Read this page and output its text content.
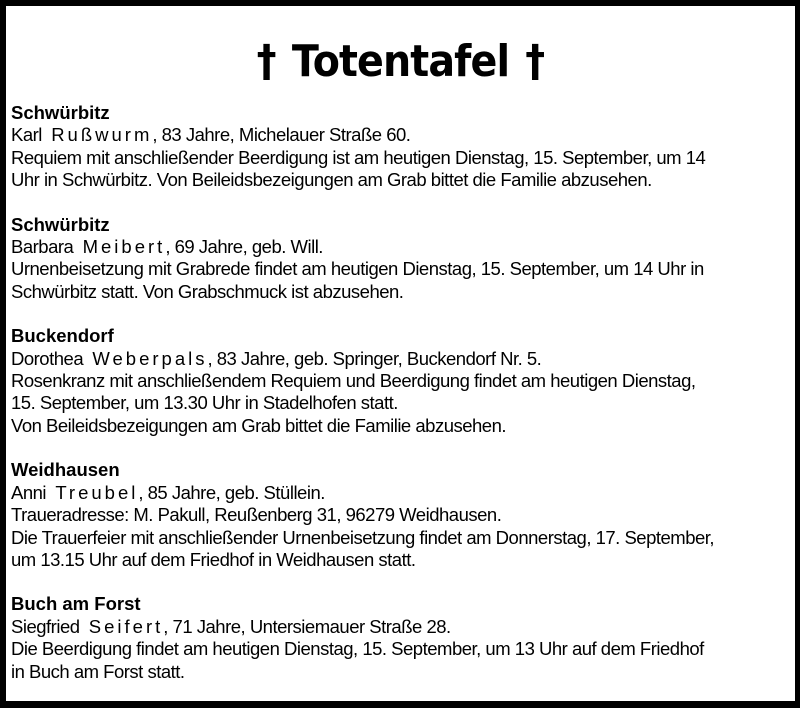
† Totentafel †
Schwürbitz
Karl Rußwurm, 83 Jahre, Michelauer Straße 60.
Requiem mit anschließender Beerdigung ist am heutigen Dienstag, 15. September, um 14
Uhr in Schwürbitz. Von Beileidsbezeigungen am Grab bittet die Familie abzusehen.
Schwürbitz
Barbara Meibert, 69 Jahre, geb. Will.
Urnenbeisetzung mit Grabrede findet am heutigen Dienstag, 15. September, um 14 Uhr in
Schwürbitz statt. Von Grabschmuck ist abzusehen.
Buckendorf
Dorothea Weberpals, 83 Jahre, geb. Springer, Buckendorf Nr. 5.
Rosenkranz mit anschließendem Requiem und Beerdigung findet am heutigen Dienstag,
15. September, um 13.30 Uhr in Stadelhofen statt.
Von Beileidsbezeigungen am Grab bittet die Familie abzusehen.
Weidhausen
Anni Treubel, 85 Jahre, geb. Stüllein.
Traueradresse: M. Pakull, Reußenberg 31, 96279 Weidhausen.
Die Trauerfeier mit anschließender Urnenbeisetzung findet am Donnerstag, 17. September,
um 13.15 Uhr auf dem Friedhof in Weidhausen statt.
Buch am Forst
Siegfried Seifert, 71 Jahre, Untersiemauer Straße 28.
Die Beerdigung findet am heutigen Dienstag, 15. September, um 13 Uhr auf dem Friedhof
in Buch am Forst statt.
